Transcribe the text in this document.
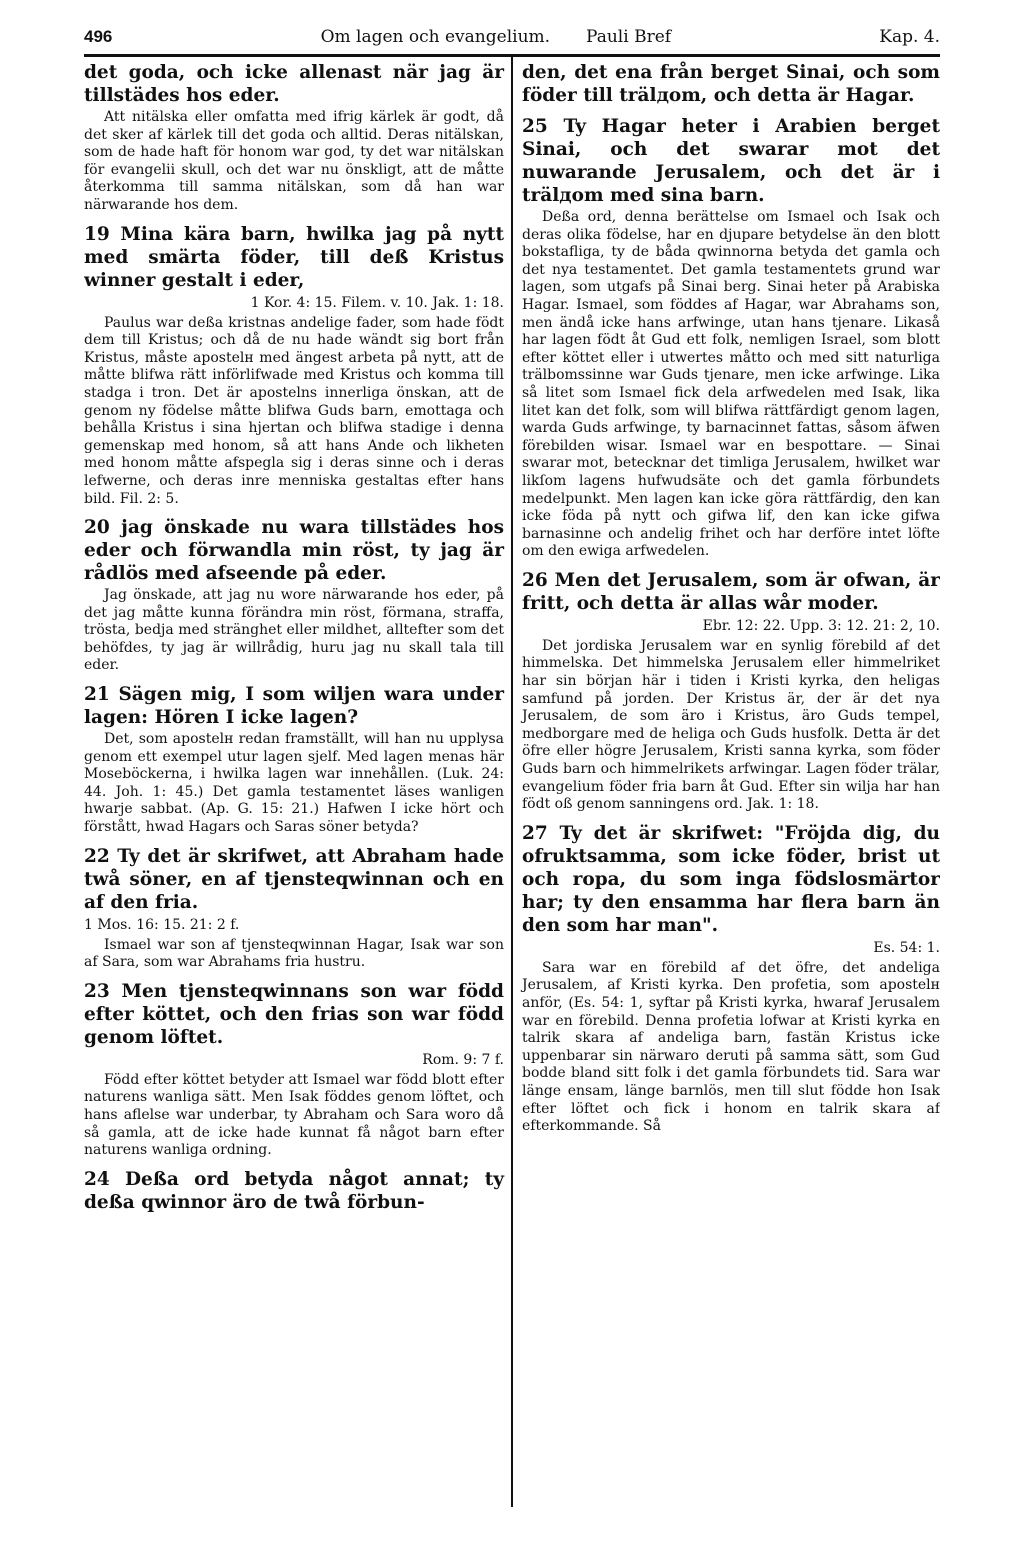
496	Om lagen och evangelium. Pauli Bref	Kap. 4.

det goda, och icke allenast när jag är tillstädes hos eder.

Att nitälska eller omfatta med ifrig kärlek är godt, då det sker af kärlek till det goda och alltid. Deras nitälskan, som de hade haft för honom war god, ty det war nitälskan för evangelii skull, och det war nu önskligt, att de måtte återkomma till samma nitälskan, som då han war närwarande hos dem.

19 Mina kära barn, hwilka jag på nytt med smärta föder, till deß Kristus winner gestalt i eder,

1 Kor. 4: 15. Filem. v. 10. Jak. 1: 18.

Paulus war deßa kristnas andelige fader, som hade födt dem till Kristus; och då de nu hade wändt sig bort från Kristus, måste apostelн med ängest arbeta på nytt, att de måtte blifwa rätt införlifwade med Kristus och komma till stadga i tron. Det är apostelns innerliga önskan, att de genom ny födelse måtte blifwa Guds barn, emottaga och behålla Kristus i sina hjertan och blifwa stadige i denna gemenskap med honom, så att hans Ande och likheten med honom måtte afspegla sig i deras sinne och i deras lefwerne, och deras inre menniska gestaltas efter hans bild. Fil. 2: 5.

20 jag önskade nu wara tillstädes hos eder och förwandla min röst, ty jag är rådlös med afseende på eder.

Jag önskade, att jag nu wore närwarande hos eder, på det jag måtte kunna förändra min röst, förmana, straffa, trösta, bedja med stränghet eller mildhet, alltefter som det behöfdes, ty jag är willrådig, huru jag nu skall tala till eder.

21 Sägen mig, I som wiljen wara under lagen: Hören I icke lagen?

Det, som apostelн redan framställt, will han nu upplysa genom ett exempel utur lagen sjelf. Med lagen menas här Moseböckerna, i hwilka lagen war innehållen. (Luk. 24: 44. Joh. 1: 45.) Det gamla testamentet läses wanligen hwarje sabbat. (Ap. G. 15: 21.) Hafwen I icke hört och förstått, hwad Hagars och Saras söner betyda?

22 Ty det är skrifwet, att Abraham hade twå söner, en af tjensteqwinnan och en af den fria.

1 Mos. 16: 15. 21: 2 f.

Ismael war son af tjensteqwinnan Hagar, Isak war son af Sara, som war Abrahams fria hustru.

23 Men tjensteqwinnans son war född efter köttet, och den frias son war född genom löftet.

Rom. 9: 7 f.

Född efter köttet betyder att Ismael war född blott efter naturens wanliga sätt. Men Isak föddes genom löftet, och hans aflelse war underbar, ty Abraham och Sara woro då så gamla, att de icke hade kunnat få något barn efter naturens wanliga ordning.

24 Deßa ord betyda något annat; ty deßa qwinnor äro de twå förbun-

den, det ena från berget Sinai, och som föder till trälдom, och detta är Hagar.

25 Ty Hagar heter i Arabien berget Sinai, och det swarar mot det nuwarande Jerusalem, och det är i trälдom med sina barn.

Deßa ord, denna berättelse om Ismael och Isak och deras olika födelse, har en djupare betydelse än den blott bokstafliga, ty de båda qwinnorna betyda det gamla och det nya testamentet. Det gamla testamentets grund war lagen, som utgafs på Sinai berg. Sinai heter på Arabiska Hagar. Ismael, som föddes af Hagar, war Abrahams son, men ändå icke hans arfwinge, utan hans tjenare. Likaså har lagen födt åt Gud ett folk, nemligen Israel, som blott efter köttet eller i utwertes måtto och med sitt naturliga trälbomssinne war Guds tjenare, men icke arfwinge. Lika så litet som Ismael fick dela arfwedelen med Isak, lika litet kan det folk, som will blifwa rättfärdigt genom lagen, warda Guds arfwinge, ty barnaсinnet fattas, såsom äfwen förebilden wisar. Ismael war en bespottare. — Sinai swarar mot, betecknar det timliga Jerusalem, hwilket war likſom lagens hufwudsäte och det gamla förbundets medelpunkt. Men lagen kan icke göra rättfärdig, den kan icke föda på nytt och gifwa lif, den kan icke gifwa barnasinne och andelig frihet och har derföre intet löfte om den ewiga arfwedelen.

26 Men det Jerusalem, som är ofwan, är fritt, och detta är allas wår moder.

Ebr. 12: 22. Upp. 3: 12. 21: 2, 10.

Det jordiska Jerusalem war en synlig förebild af det himmelska. Det himmelska Jerusalem eller himmelriket har sin början här i tiden i Kristi kyrka, den heligas samfund på jorden. Der Kristus är, der är det nya Jerusalem, de som äro i Kristus, äro Guds tempel, medborgare med de heliga och Guds husfolk. Detta är det öfre eller högre Jerusalem, Kristi sanna kyrka, som föder Guds barn och himmelrikets arfwingar. Lagen föder trälar, evangelium föder fria barn åt Gud. Efter sin wilja har han födt oß genom sanningens ord. Jak. 1: 18.

27 Ty det är skrifwet: "Fröjda dig, du ofruktsamma, som icke föder, brist ut och ropa, du som inga födslosmärtor har; ty den ensamma har flera barn än den som har man".

Es. 54: 1.

Sara war en förebild af det öfre, det andeliga Jerusalem, af Kristi kyrka. Den profetia, som apostelн anför, (Es. 54: 1, syftar på Kristi kyrka, hwarаf Jerusalem war en förebild. Denna profetia lofwar at Kristi kyrka en talrik skara af andeliga barn, fastän Kristus icke uppenbarar sin närwaro derutі på samma sätt, som Gud bodde bland sitt folk i det gamla förbundets tid. Sara war länge ensam, länge barnlös, men till slut födde hon Isak efter löftet och fick i honom en talrik skara af efterkommande. Så
